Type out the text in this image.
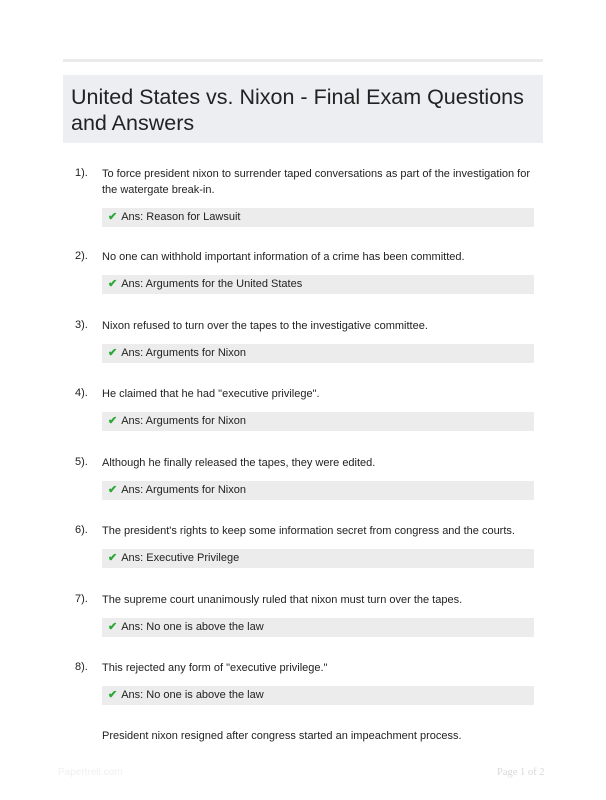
United States vs. Nixon - Final Exam Questions and Answers
1). To force president nixon to surrender taped conversations as part of the investigation for the watergate break-in.
✔ Ans: Reason for Lawsuit
2). No one can withhold important information of a crime has been committed.
✔ Ans: Arguments for the United States
3). Nixon refused to turn over the tapes to the investigative committee.
✔ Ans: Arguments for Nixon
4). He claimed that he had "executive privilege".
✔ Ans: Arguments for Nixon
5). Although he finally released the tapes, they were edited.
✔ Ans: Arguments for Nixon
6). The president's rights to keep some information secret from congress and the courts.
✔ Ans: Executive Privilege
7). The supreme court unanimously ruled that nixon must turn over the tapes.
✔ Ans: No one is above the law
8). This rejected any form of "executive privilege."
✔ Ans: No one is above the law
President nixon resigned after congress started an impeachment process.
Papertrell.com	Page 1 of 2
